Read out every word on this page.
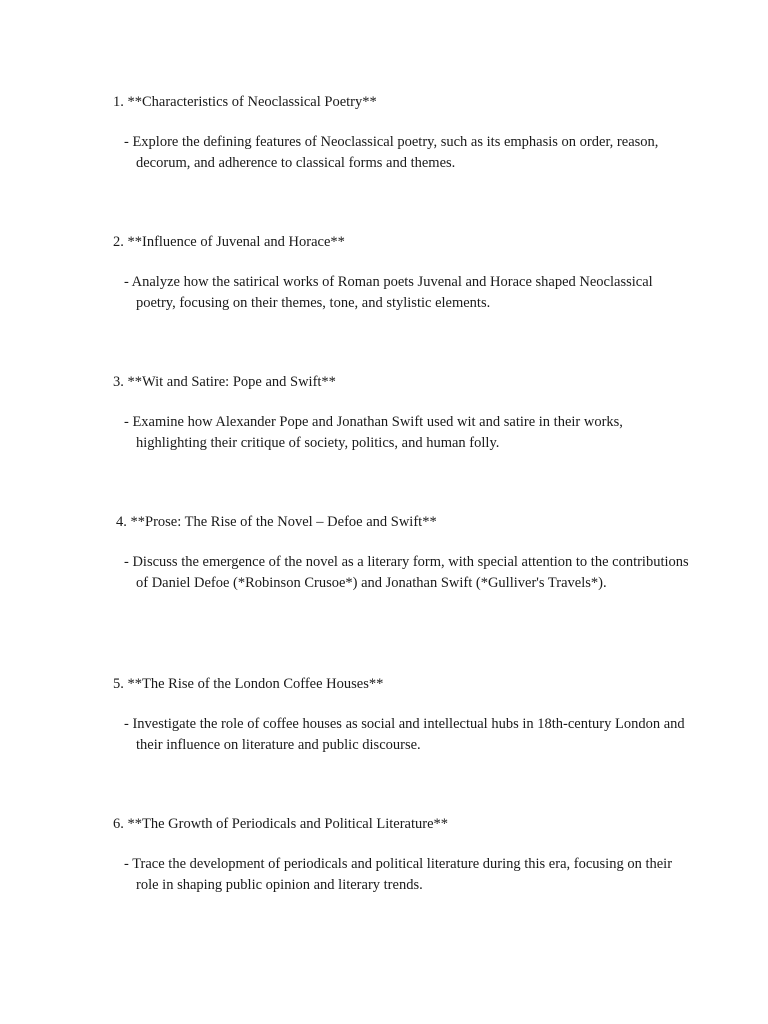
1. **Characteristics of Neoclassical Poetry**

- Explore the defining features of Neoclassical poetry, such as its emphasis on order, reason, decorum, and adherence to classical forms and themes.

2. **Influence of Juvenal and Horace**

- Analyze how the satirical works of Roman poets Juvenal and Horace shaped Neoclassical poetry, focusing on their themes, tone, and stylistic elements.

3. **Wit and Satire: Pope and Swift**

- Examine how Alexander Pope and Jonathan Swift used wit and satire in their works, highlighting their critique of society, politics, and human folly.

4. **Prose: The Rise of the Novel – Defoe and Swift**

- Discuss the emergence of the novel as a literary form, with special attention to the contributions of Daniel Defoe (*Robinson Crusoe*) and Jonathan Swift (*Gulliver's Travels*).

5. **The Rise of the London Coffee Houses**

- Investigate the role of coffee houses as social and intellectual hubs in 18th-century London and their influence on literature and public discourse.

6. **The Growth of Periodicals and Political Literature**

- Trace the development of periodicals and political literature during this era, focusing on their role in shaping public opinion and literary trends.
